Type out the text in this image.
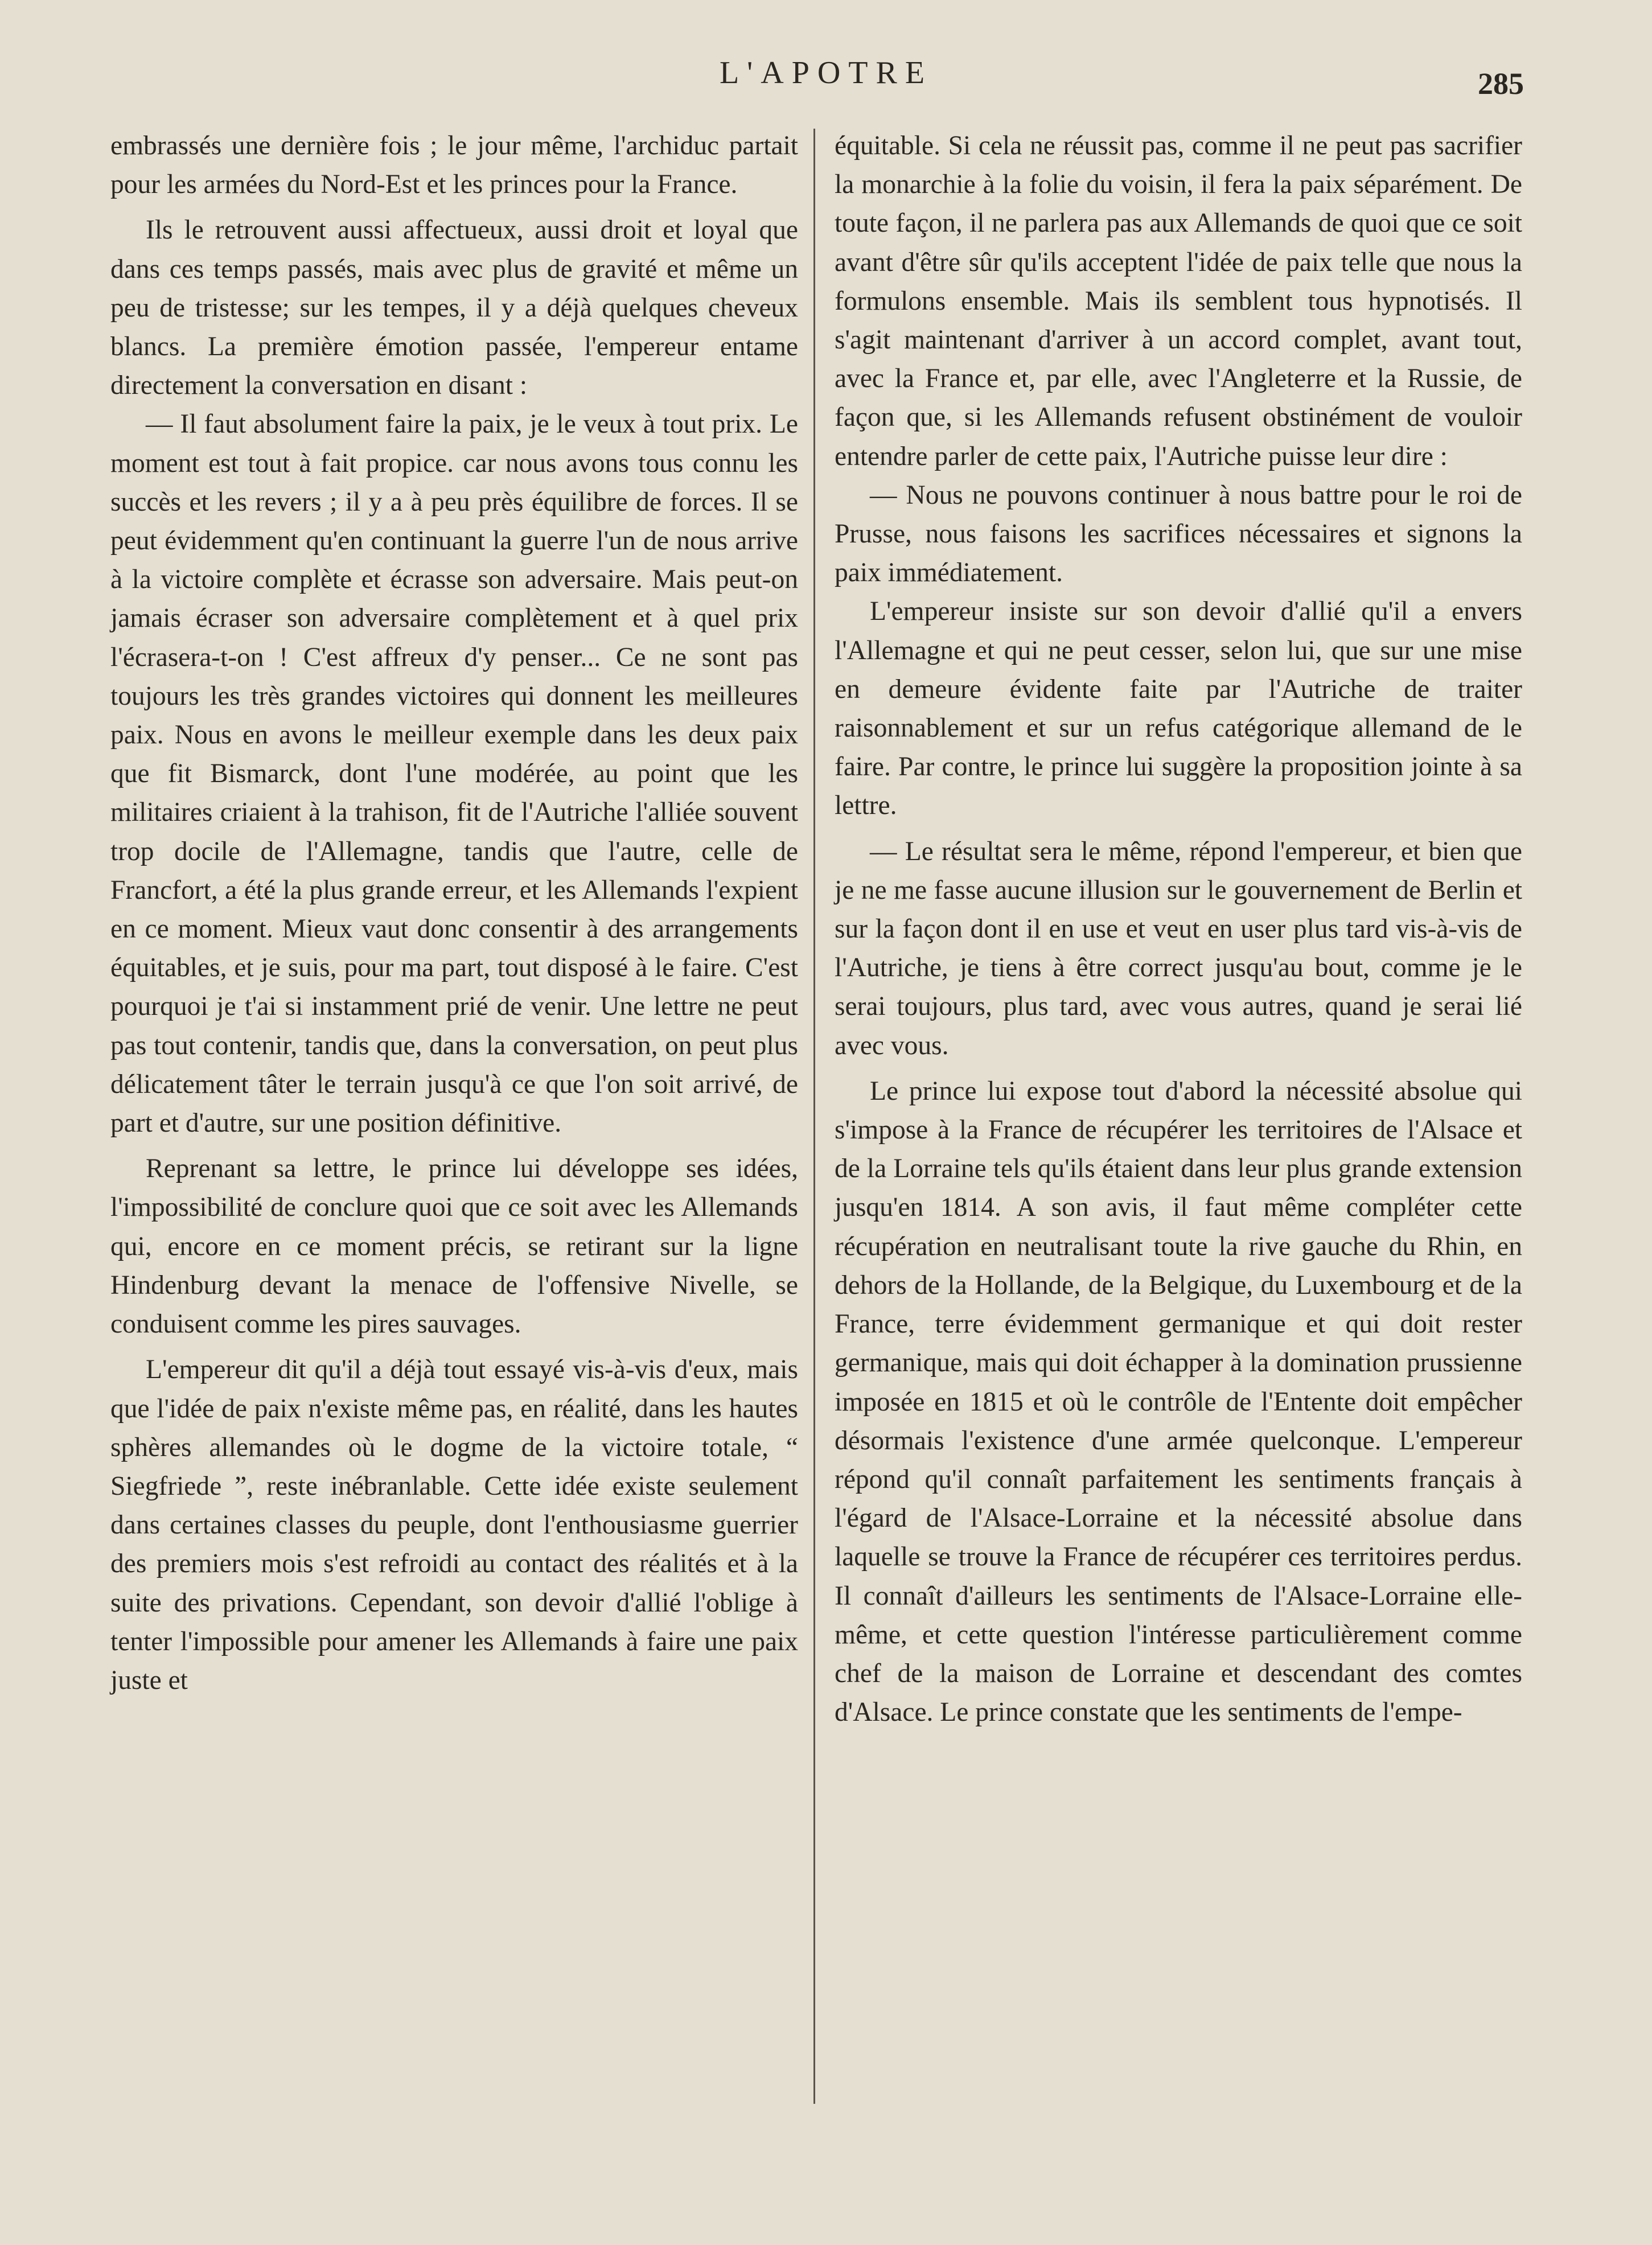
L'APOTRE	285

embrassés une dernière fois ; le jour même, l'archiduc partait pour les armées du Nord-Est et les princes pour la France.

Ils le retrouvent aussi affectueux, aussi droit et loyal que dans ces temps passés, mais avec plus de gravité et même un peu de tristesse; sur les tempes, il y a déjà quelques cheveux blancs. La première émotion passée, l'empereur entame directement la conversation en disant :

— Il faut absolument faire la paix, je le veux à tout prix. Le moment est tout à fait propice. car nous avons tous connu les succès et les revers ; il y a à peu près équilibre de forces. Il se peut évidemment qu'en continuant la guerre l'un de nous arrive à la victoire complète et écrasse son adversaire. Mais peut-on jamais écraser son adversaire complètement et à quel prix l'écrasera-t-on ! C'est affreux d'y penser... Ce ne sont pas toujours les très grandes victoires qui donnent les meilleures paix. Nous en avons le meilleur exemple dans les deux paix que fit Bismarck, dont l'une modérée, au point que les militaires criaient à la trahison, fit de l'Autriche l'alliée souvent trop docile de l'Allemagne, tandis que l'autre, celle de Francfort, a été la plus grande erreur, et les Allemands l'expient en ce moment. Mieux vaut donc consentir à des arrangements équitables, et je suis, pour ma part, tout disposé à le faire. C'est pourquoi je t'ai si instamment prié de venir. Une lettre ne peut pas tout contenir, tandis que, dans la conversation, on peut plus délicatement tâter le terrain jusqu'à ce que l'on soit arrivé, de part et d'autre, sur une position définitive.

Reprenant sa lettre, le prince lui développe ses idées, l'impossibilité de conclure quoi que ce soit avec les Allemands qui, encore en ce moment précis, se retirant sur la ligne Hindenburg devant la menace de l'offensive Nivelle, se conduisent comme les pires sauvages.

L'empereur dit qu'il a déjà tout essayé vis-à-vis d'eux, mais que l'idée de paix n'existe même pas, en réalité, dans les hautes sphères allemandes où le dogme de la victoire totale, “ Siegfriede ”, reste inébranlable. Cette idée existe seulement dans certaines classes du peuple, dont l'enthousiasme guerrier des premiers mois s'est refroidi au contact des réalités et à la suite des privations. Cependant, son devoir d'allié l'oblige à tenter l'impossible pour amener les Allemands à faire une paix juste et

équitable. Si cela ne réussit pas, comme il ne peut pas sacrifier la monarchie à la folie du voisin, il fera la paix séparément. De toute façon, il ne parlera pas aux Allemands de quoi que ce soit avant d'être sûr qu'ils acceptent l'idée de paix telle que nous la formulons ensemble. Mais ils semblent tous hypnotisés. Il s'agit maintenant d'arriver à un accord complet, avant tout, avec la France et, par elle, avec l'Angleterre et la Russie, de façon que, si les Allemands refusent obstinément de vouloir entendre parler de cette paix, l'Autriche puisse leur dire :

— Nous ne pouvons continuer à nous battre pour le roi de Prusse, nous faisons les sacrifices nécessaires et signons la paix immédiatement.

L'empereur insiste sur son devoir d'allié qu'il a envers l'Allemagne et qui ne peut cesser, selon lui, que sur une mise en demeure évidente faite par l'Autriche de traiter raisonnablement et sur un refus catégorique allemand de le faire. Par contre, le prince lui suggère la proposition jointe à sa lettre.

— Le résultat sera le même, répond l'empereur, et bien que je ne me fasse aucune illusion sur le gouvernement de Berlin et sur la façon dont il en use et veut en user plus tard vis-à-vis de l'Autriche, je tiens à être correct jusqu'au bout, comme je le serai toujours, plus tard, avec vous autres, quand je serai lié avec vous.

Le prince lui expose tout d'abord la nécessité absolue qui s'impose à la France de récupérer les territoires de l'Alsace et de la Lorraine tels qu'ils étaient dans leur plus grande extension jusqu'en 1814. A son avis, il faut même compléter cette récupération en neutralisant toute la rive gauche du Rhin, en dehors de la Hollande, de la Belgique, du Luxembourg et de la France, terre évidemment germanique et qui doit rester germanique, mais qui doit échapper à la domination prussienne imposée en 1815 et où le contrôle de l'Entente doit empêcher désormais l'existence d'une armée quelconque. L'empereur répond qu'il connaît parfaitement les sentiments français à l'égard de l'Alsace-Lorraine et la nécessité absolue dans laquelle se trouve la France de récupérer ces territoires perdus. Il connaît d'ailleurs les sentiments de l'Alsace-Lorraine elle-même, et cette question l'intéresse particulièrement comme chef de la maison de Lorraine et descendant des comtes d'Alsace. Le prince constate que les sentiments de l'empe-
